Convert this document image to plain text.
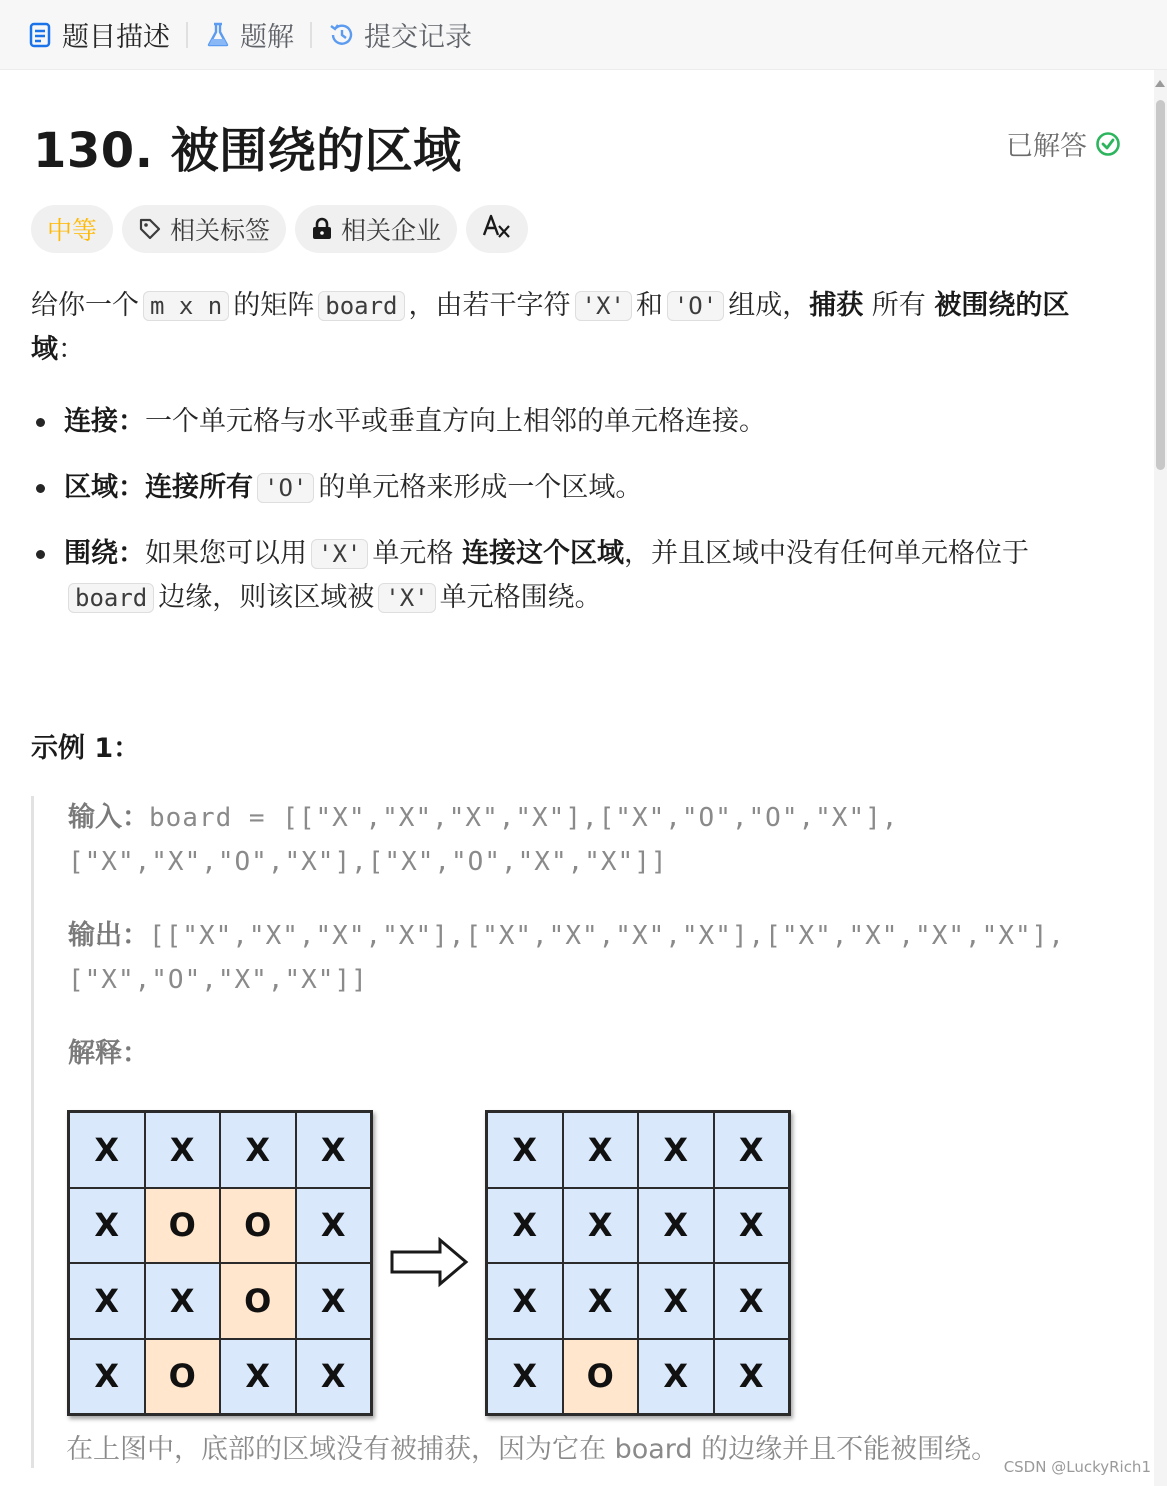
题目描述	题解	提交记录
130. 被围绕的区域	已解答
中等	相关标签	相关企业
给你一个 m x n 的矩阵 board ，由若干字符 'X' 和 'O' 组成，捕获 所有 被围绕的区域：
连接：一个单元格与水平或垂直方向上相邻的单元格连接。
区域：连接所有 'O' 的单元格来形成一个区域。
围绕：如果您可以用 'X' 单元格 连接这个区域，并且区域中没有任何单元格位于board 边缘，则该区域被 'X' 单元格围绕。
示例 1：
输入：board = [["X","X","X","X"],["X","O","O","X"],
["X","X","O","X"],["X","O","X","X"]]
输出：[["X","X","X","X"],["X","X","X","X"],["X","X","X","X"],
["X","O","X","X"]]
解释：
X	X	X	X
X	O	O	X
X	X	O	X
X	O	X	X
X	X	X	X
X	X	X	X
X	X	X	X
X	O	X	X
在上图中，底部的区域没有被捕获，因为它在 board 的边缘并且不能被围绕。
CSDN @LuckyRich1
